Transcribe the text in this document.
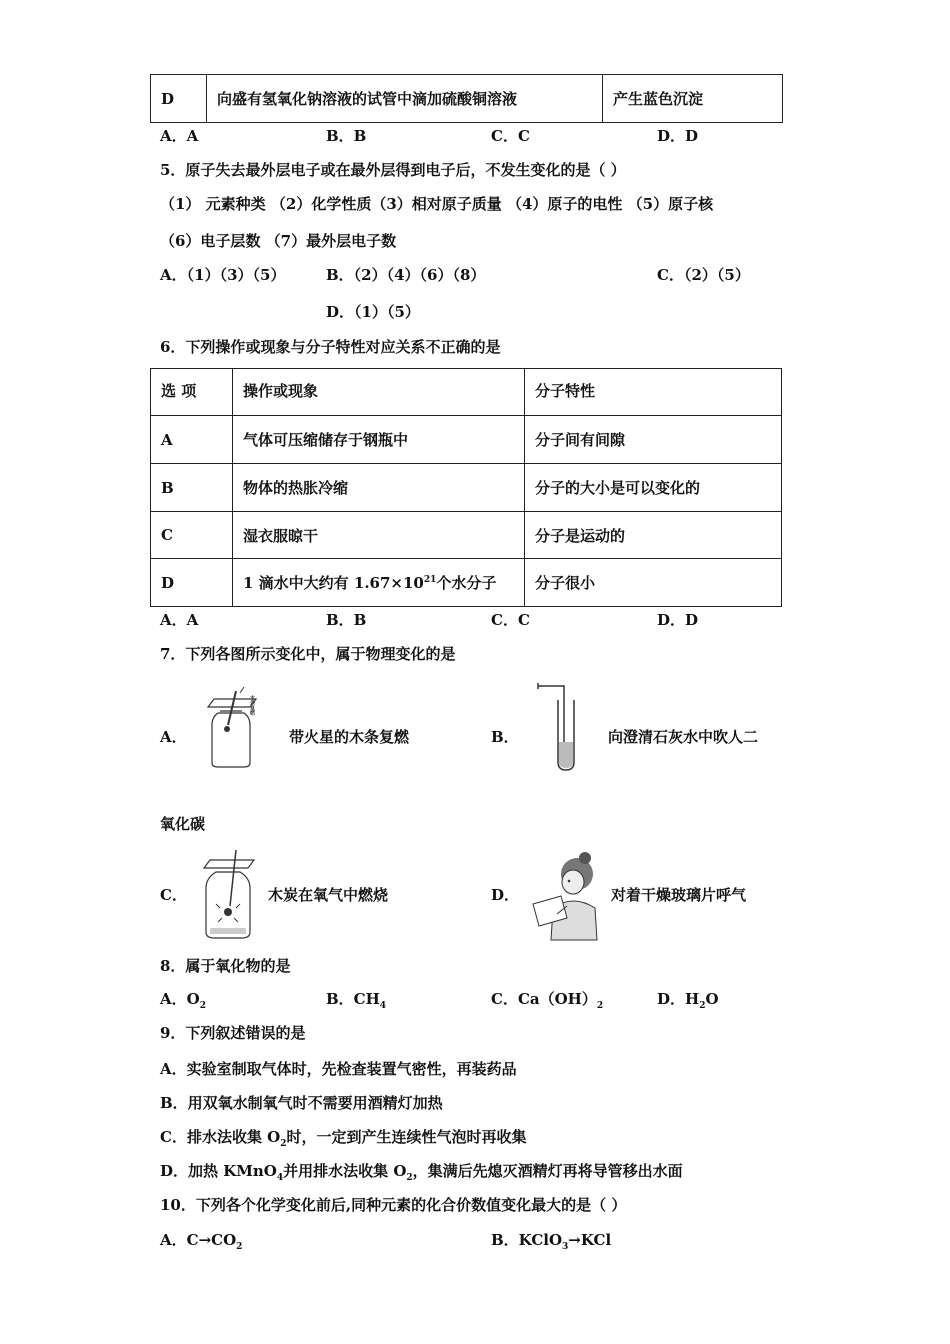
D	向盛有氢氧化钠溶液的试管中滴加硫酸铜溶液	产生蓝色沉淀
A．A	B．B	C．C	D．D
5．原子失去最外层电子或在最外层得到电子后，不发生变化的是（ ）
（1） 元素种类 （2）化学性质（3）相对原子质量 （4）原子的电性 （5）原子核
（6）电子层数 （7）最外层电子数
A．（1）（3）（5）	B．（2）（4）（6）（8）	C．（2）（5）
D．（1）（5）
6．下列操作或现象与分子特性对应关系不正确的是
选 项	操作或现象	分子特性
A	气体可压缩储存于钢瓶中	分子间有间隙
B	物体的热胀冷缩	分子的大小是可以变化的
C	湿衣服晾干	分子是运动的
D	1 滴水中大约有 $1.67\times 10^{21}$个水分子	分子很小
A．A	B．B	C．C	D．D
7．下列各图所示变化中，属于物理变化的是
A．
木条复燃
带火星的木条复燃	B．	向澄清石灰水中吹人二
氧化碳
C．	木炭在氧气中燃烧	D．	对着干燥玻璃片呼气
8．属于氧化物的是
A．$O_2$	B．$CH_4$	C．$Ca(OH)_2$	D．$H_2O$
9．下列叙述错误的是
A．实验室制取气体时，先检查装置气密性，再装药品
B．用双氧水制氧气时不需要用酒精灯加热
C．排水法收集 $O_2$时，一定到产生连续性气泡时再收集
D．加热 KMnO$_4$并用排水法收集 $O_2$，集满后先熄灭酒精灯再将导管移出水面
10．下列各个化学变化前后,同种元素的化合价数值变化最大的是（ ）
A．$C\to CO_2$	B．KClO$_3$→KCl
